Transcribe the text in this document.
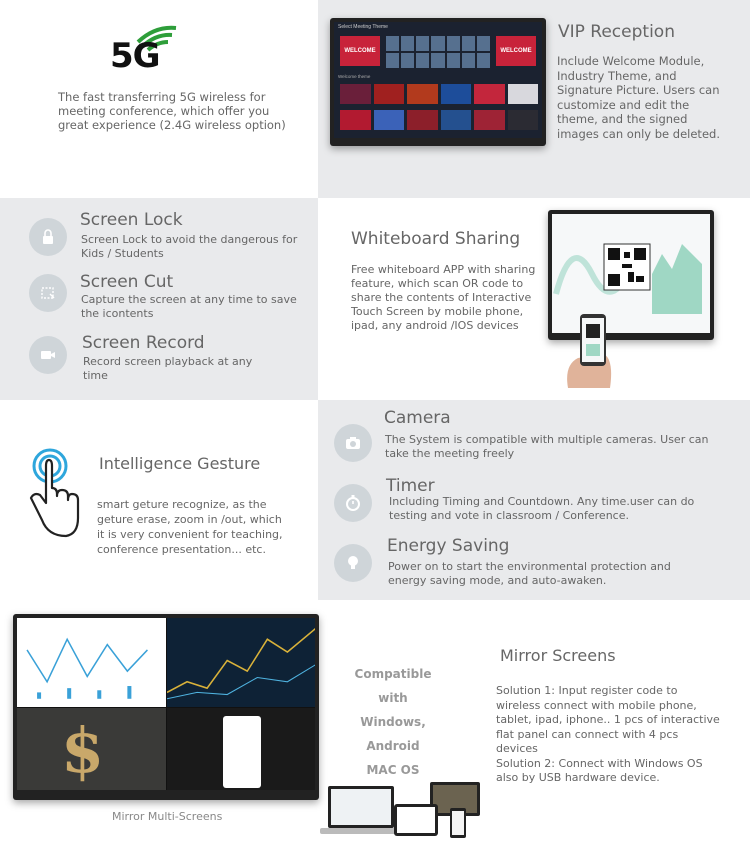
5G
The fast transferring 5G wireless for meeting conference, which offer you great experience (2.4G wireless option)
Select Meeting Theme
WELCOME	WELCOME
Welcome theme
VIP Reception
Include Welcome Module, Industry Theme, and Signature Picture. Users can customize and edit the theme, and the signed images can only be deleted.
Screen Lock
Screen Lock to avoid the dangerous for Kids / Students
Screen Cut
Capture the screen at any time to save the icontents
Screen Record
Record screen playback at any time
Whiteboard Sharing
Free whiteboard APP with sharing feature, which scan OR code to share the contents of Interactive Touch Screen by mobile phone, ipad, any android /IOS devices
Intelligence Gesture
smart geture recognize, as the geture erase, zoom in /out, which it is very convenient for teaching, conference presentation... etc.
Camera
The System is compatible with multiple cameras. User can take the meeting freely
Timer
Including Timing and Countdown. Any time.user can do testing and vote in classroom / Conference.
Energy Saving
Power on to start the environmental protection and energy saving mode, and auto-awaken.
$
Mirror Multi-Screens
Compatible with
Windows, Android
MAC OS
Mirror Screens
Solution 1: Input register code to wireless connect with mobile phone, tablet, ipad, iphone.. 1 pcs of interactive flat panel can connect with 4 pcs devices
Solution 2: Connect with Windows OS also by USB hardware device.
